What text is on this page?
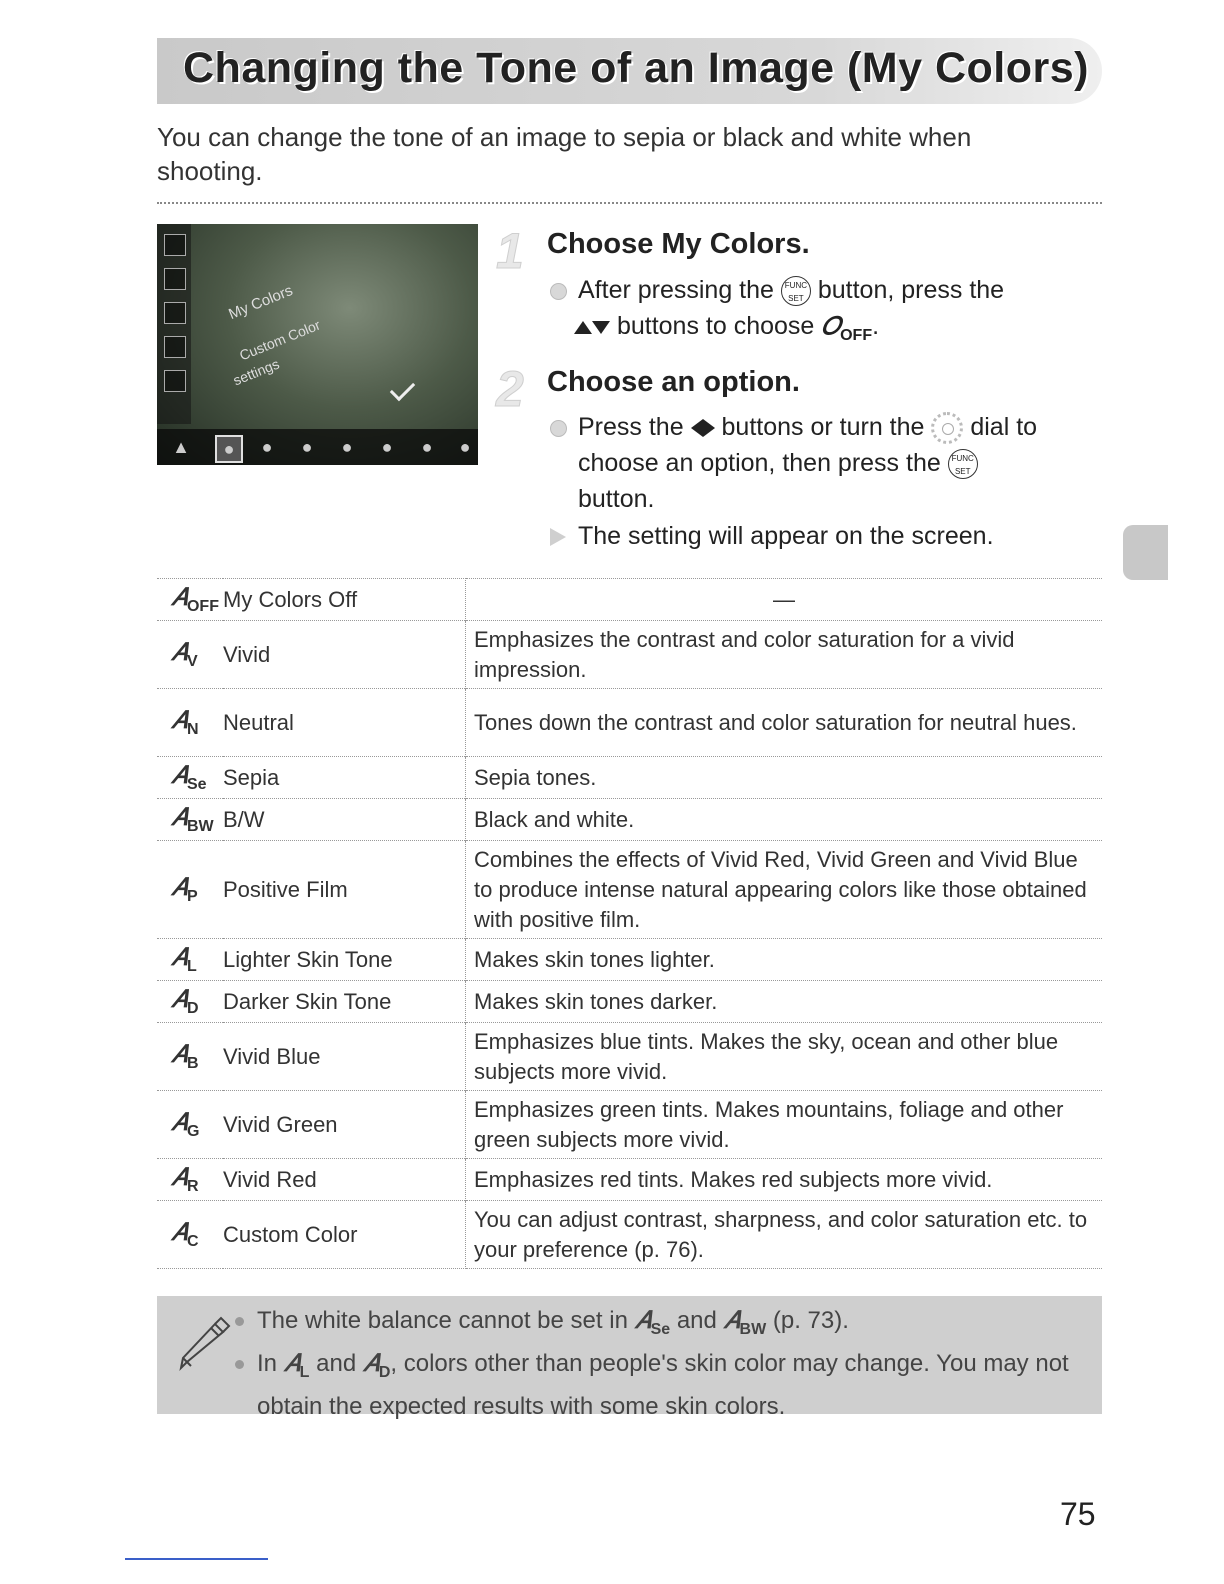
Changing the Tone of an Image (My Colors)

You can change the tone of an image to sepia or black and white when shooting.

My Colors
Custom Color
settings
▲	●	●	●	●	●	●	●
1 Choose My Colors.
After pressing the FUNC
SET button, press the
buttons to choose 𝑂$_{OFF}$.
2 Choose an option.
Press the buttons or turn the dial to
choose an option, then press the FUNC
SET
button.
The setting will appear on the screen.
𝐴$_{OFF}$	My Colors Off	—
𝐴$_V$	Vivid	Emphasizes the contrast and color saturation for a vivid impression.
𝐴$_N$	Neutral	Tones down the contrast and color saturation for neutral hues.
𝐴$_{Se}$	Sepia	Sepia tones.
𝐴$_{BW}$	B/W	Black and white.
𝐴$_P$	Positive Film	Combines the effects of Vivid Red, Vivid Green and Vivid Blue to produce intense natural appearing colors like those obtained with positive film.
𝐴$_L$	Lighter Skin Tone	Makes skin tones lighter.
𝐴$_D$	Darker Skin Tone	Makes skin tones darker.
𝐴$_B$	Vivid Blue	Emphasizes blue tints. Makes the sky, ocean and other blue subjects more vivid.
𝐴$_G$	Vivid Green	Emphasizes green tints. Makes mountains, foliage and other green subjects more vivid.
𝐴$_R$	Vivid Red	Emphasizes red tints. Makes red subjects more vivid.
𝐴$_C$	Custom Color	You can adjust contrast, sharpness, and color saturation etc. to your preference (p. 76).
The white balance cannot be set in 𝐴$_{Se}$ and 𝐴$_{BW}$ (p. 73).
In 𝐴$_L$ and 𝐴$_D$, colors other than people's skin color may change. You may not obtain the expected results with some skin colors.
75
